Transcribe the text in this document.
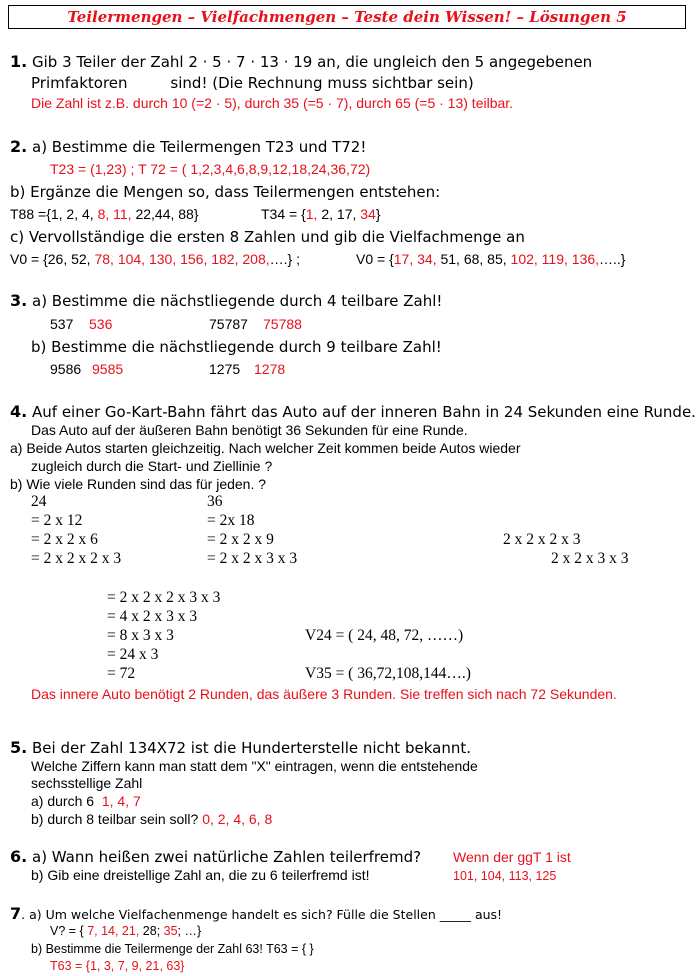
Teilermengen – Vielfachmengen – Teste dein Wissen! – Lösungen 5
1. Gib 3 Teiler der Zahl 2 · 5 · 7 · 13 · 19 an, die ungleich den 5 angegebenen
Primfaktoren         sind! (Die Rechnung muss sichtbar sein)
Die Zahl ist z.B. durch 10 (=2 · 5), durch 35 (=5 · 7), durch 65 (=5 · 13) teilbar.
2. a) Bestimme die Teilermengen T23 und T72!
T23 = (1,23) ; T 72 = ( 1,2,3,4,6,8,9,12,18,24,36,72)
b) Ergänze die Mengen so, dass Teilermengen entstehen:
T88 ={1, 2, 4, 8, 11, 22,44, 88}	T34 = {1, 2, 17, 34}
c) Vervollständige die ersten 8 Zahlen und gib die Vielfachmenge an
V0 = {26, 52, 78, 104, 130, 156, 182, 208,….} ;	V0 = {17, 34, 51, 68, 85, 102, 119, 136,…..}
3. a) Bestimme die nächstliegende durch 4 teilbare Zahl!
537 536	75787 75788
b) Bestimme die nächstliegende durch 9 teilbare Zahl!
9586 9585	1275 1278
4. Auf einer Go-Kart-Bahn fährt das Auto auf der inneren Bahn in 24 Sekunden eine Runde.
Das Auto auf der äußeren Bahn benötigt 36 Sekunden für eine Runde.
a) Beide Autos starten gleichzeitig. Nach welcher Zeit kommen beide Autos wieder
zugleich durch die Start- und Ziellinie ?
b) Wie viele Runden sind das für jeden. ?
24
= 2 x 12
= 2 x 2 x 6
= 2 x 2 x 2 x 3
36
= 2x 18
= 2 x 2 x 9
= 2 x 2 x 3 x 3
2 x 2 x 2 x 3
2 x 2 x 3 x 3
= 2 x 2 x 2 x 3 x 3
= 4 x 2 x 3 x 3
= 8 x 3 x 3
= 24 x 3
= 72
V24 = ( 24, 48, 72, ……)
V35 = ( 36,72,108,144….)
Das innere Auto benötigt 2 Runden, das äußere 3 Runden. Sie treffen sich nach 72 Sekunden.
5. Bei der Zahl 134X72 ist die Hunderterstelle nicht bekannt.
Welche Ziffern kann man statt dem "X" eintragen, wenn die entstehende
sechsstellige Zahl
a) durch 6 1, 4, 7
b) durch 8 teilbar sein soll? 0, 2, 4, 6, 8
6. a) Wann heißen zwei natürliche Zahlen teilerfremd? Wenn der ggT 1 ist
b) Gib eine dreistellige Zahl an, die zu 6 teilerfremd ist!	101, 104, 113, 125
7. a) Um welche Vielfachenmenge handelt es sich? Fülle die Stellen _____ aus!
V? = { 7, 14, 21, 28; 35; …}
b) Bestimme die Teilermenge der Zahl 63! T63 = { }
T63 = {1, 3, 7, 9, 21, 63}
